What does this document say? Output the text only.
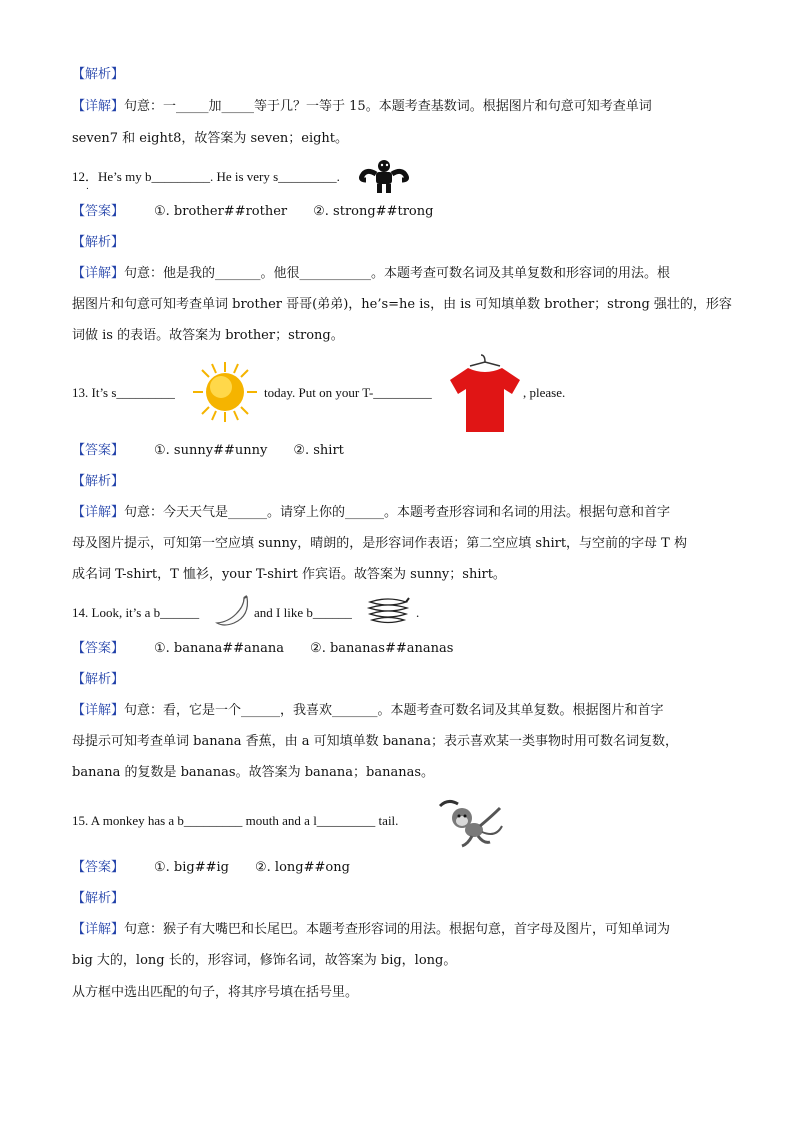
【解析】
【详解】句意：一_____加_____等于几？一等于 15。本题考查基数词。根据图片和句意可知考查单词
seven7 和 eight8，故答案为 seven；eight。
12．He’s my b_________. He is very s_________.
.
【答案】 ①. brother##rother ②. strong##trong
【解析】
【详解】句意：他是我的_______。他很___________。本题考查可数名词及其单复数和形容词的用法。根
据图片和句意可知考查单词 brother 哥哥(弟弟)，he’s=he is，由 is 可知填单数 brother；strong 强壮的，形容
词做 is 的表语。故答案为 brother；strong。
13. It’s s_________	today. Put on your T-_________	, please.
【答案】 ①. sunny##unny ②. shirt
【解析】
【详解】句意：今天天气是______。请穿上你的______。本题考查形容词和名词的用法。根据句意和首字
母及图片提示，可知第一空应填 sunny，晴朗的，是形容词作表语；第二空应填 shirt，与空前的字母 T 构
成名词 T-shirt，T 恤衫，your T-shirt 作宾语。故答案为 sunny；shirt。
14. Look, it’s a b______	and I like b______	.
【答案】 ①. banana##anana ②. bananas##ananas
【解析】
【详解】句意：看，它是一个______，我喜欢_______。本题考查可数名词及其单复数。根据图片和首字
母提示可知考查单词 banana 香蕉，由 a 可知填单数 banana；表示喜欢某一类事物时用可数名词复数，
banana 的复数是 bananas。故答案为 banana；bananas。
15. A monkey has a b_________ mouth and a l_________ tail.
【答案】 ①. big##ig ②. long##ong
【解析】
【详解】句意：猴子有大嘴巴和长尾巴。本题考查形容词的用法。根据句意，首字母及图片，可知单词为
big 大的，long 长的，形容词，修饰名词，故答案为 big，long。
从方框中选出匹配的句子，将其序号填在括号里。
